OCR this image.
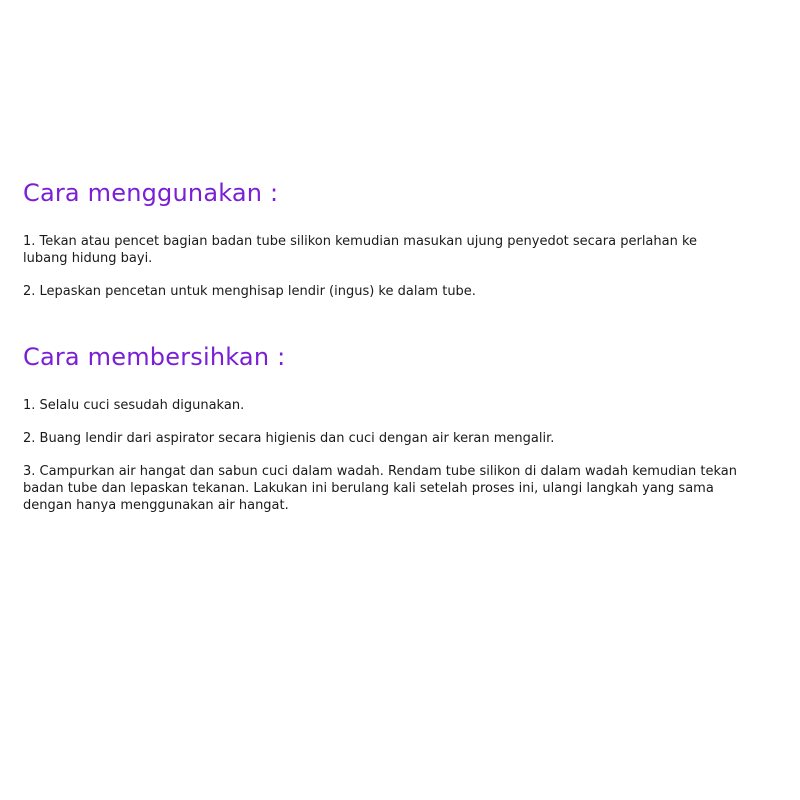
Cara menggunakan :
1. Tekan atau pencet bagian badan tube silikon kemudian masukan ujung penyedot secara perlahan ke lubang hidung bayi.
2. Lepaskan pencetan untuk menghisap lendir (ingus) ke dalam tube.
Cara membersihkan :
1. Selalu cuci sesudah digunakan.
2. Buang lendir dari aspirator secara higienis dan cuci dengan air keran mengalir.
3. Campurkan air hangat dan sabun cuci dalam wadah. Rendam tube silikon di dalam wadah kemudian tekan badan tube dan lepaskan tekanan. Lakukan ini berulang kali setelah proses ini, ulangi langkah yang sama dengan hanya menggunakan air hangat.
